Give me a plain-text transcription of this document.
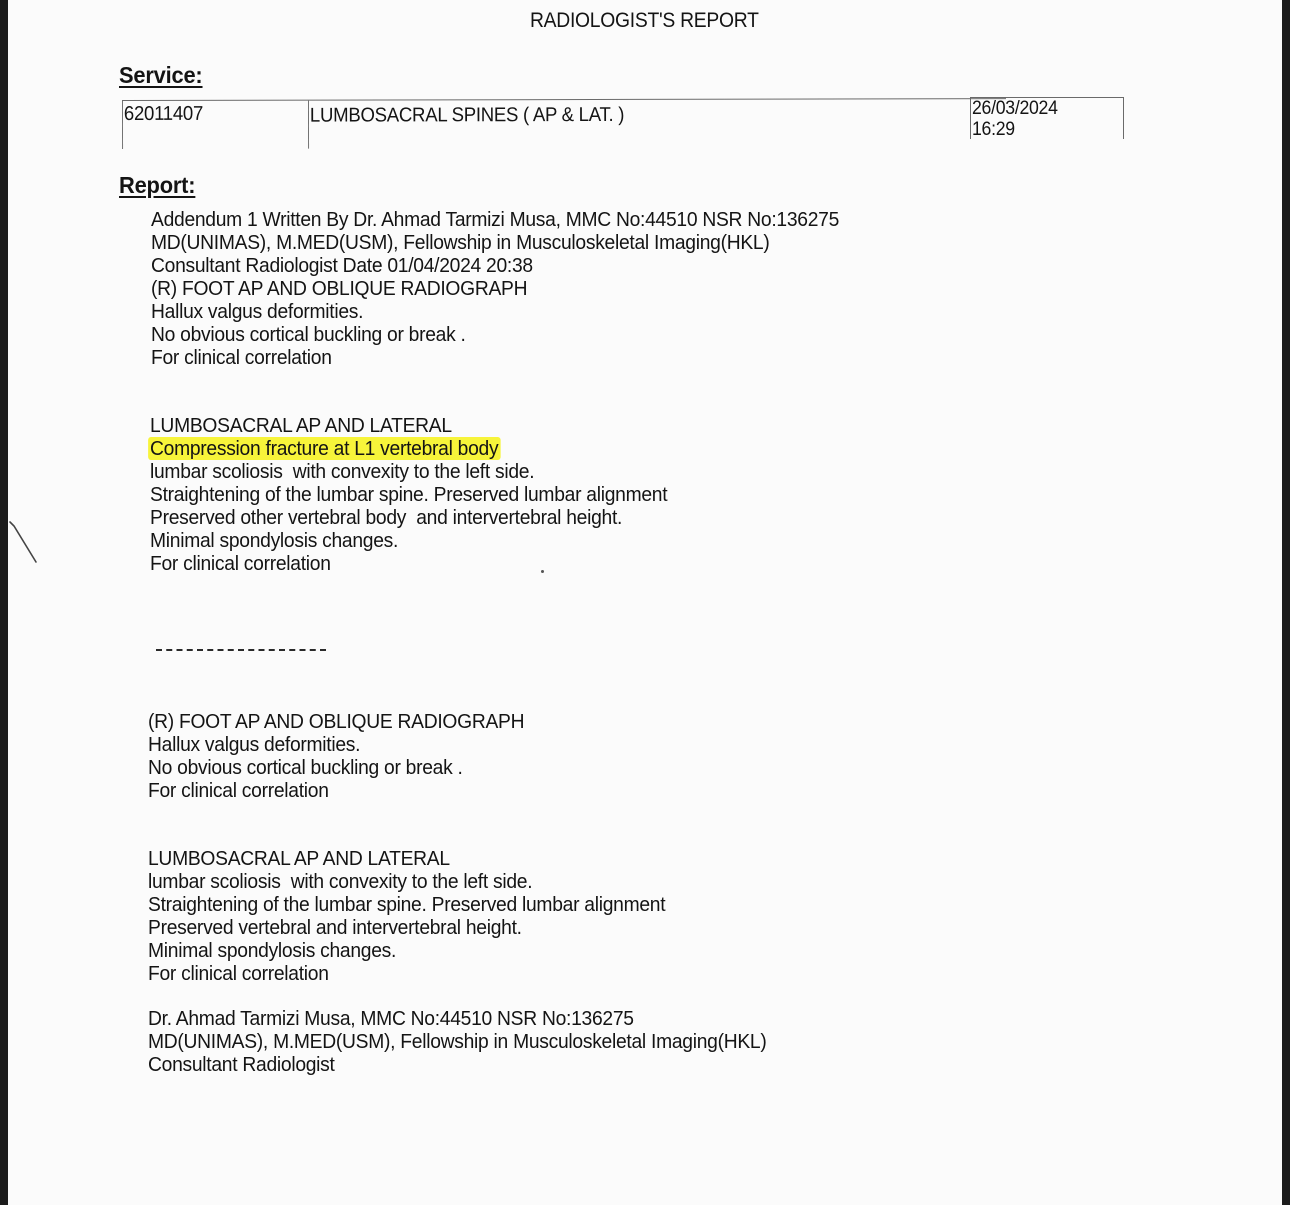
RADIOLOGIST'S REPORT
Service:
62011407	LUMBOSACRAL SPINES ( AP & LAT. )	26/03/2024
16:29
Report:
Addendum 1 Written By Dr. Ahmad Tarmizi Musa, MMC No:44510 NSR No:136275
MD(UNIMAS), M.MED(USM), Fellowship in Musculoskeletal Imaging(HKL)
Consultant Radiologist Date 01/04/2024 20:38
(R) FOOT AP AND OBLIQUE RADIOGRAPH
Hallux valgus deformities.
No obvious cortical buckling or break .
For clinical correlation
LUMBOSACRAL AP AND LATERAL
Compression fracture at L1 vertebral body
lumbar scoliosis  with convexity to the left side.
Straightening of the lumbar spine. Preserved lumbar alignment
Preserved other vertebral body  and intervertebral height.
Minimal spondylosis changes.
For clinical correlation
(R) FOOT AP AND OBLIQUE RADIOGRAPH
Hallux valgus deformities.
No obvious cortical buckling or break .
For clinical correlation
LUMBOSACRAL AP AND LATERAL
lumbar scoliosis  with convexity to the left side.
Straightening of the lumbar spine. Preserved lumbar alignment
Preserved vertebral and intervertebral height.
Minimal spondylosis changes.
For clinical correlation
Dr. Ahmad Tarmizi Musa, MMC No:44510 NSR No:136275
MD(UNIMAS), M.MED(USM), Fellowship in Musculoskeletal Imaging(HKL)
Consultant Radiologist
